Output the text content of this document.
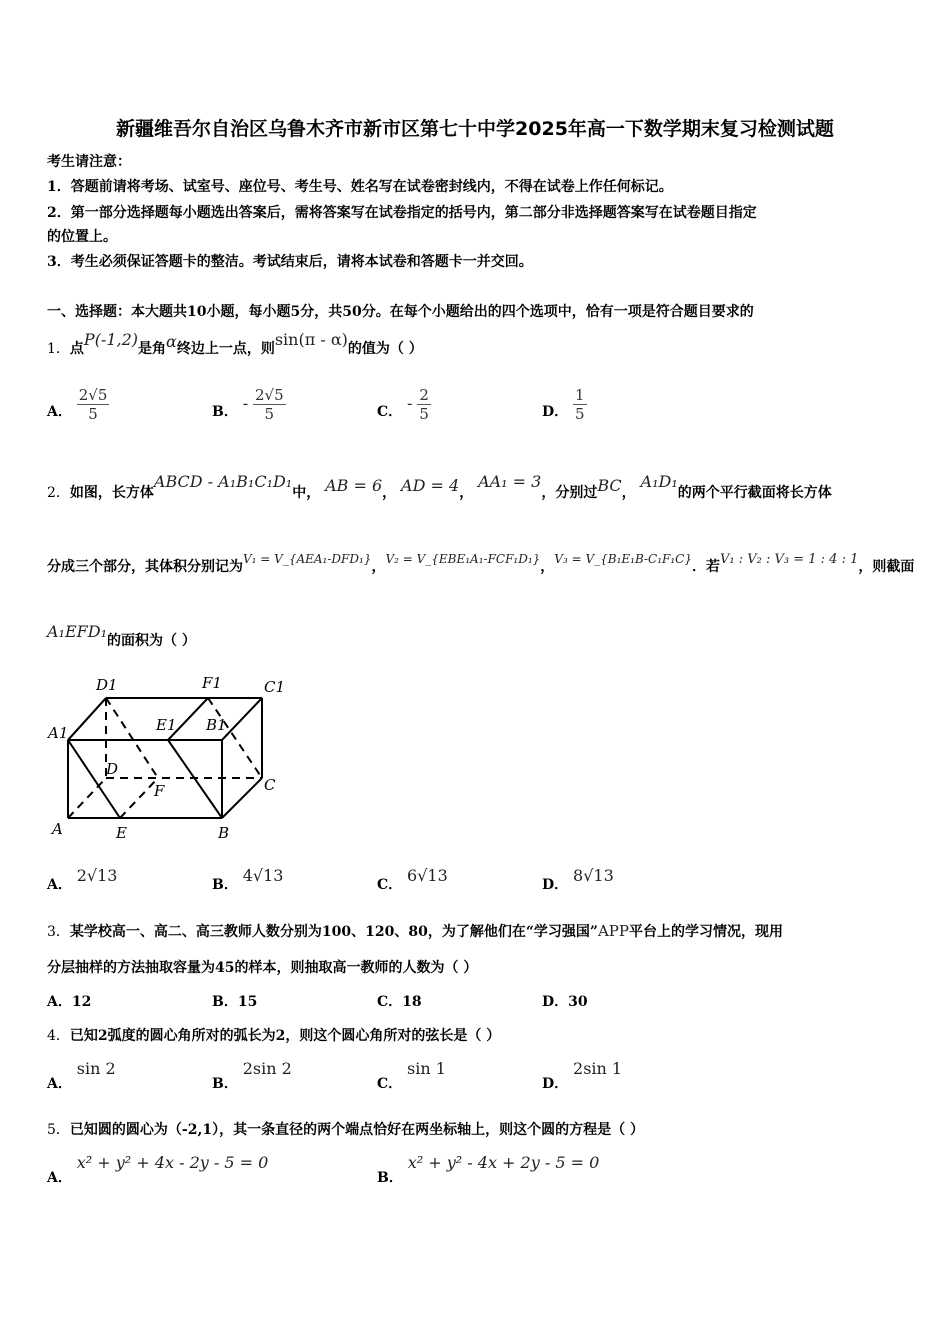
新疆维吾尔自治区乌鲁木齐市新市区第七十中学2025年高一下数学期末复习检测试题
考生请注意：
1．答题前请将考场、试室号、座位号、考生号、姓名写在试卷密封线内，不得在试卷上作任何标记。
2．第一部分选择题每小题选出答案后，需将答案写在试卷指定的括号内，第二部分非选择题答案写在试卷题目指定
的位置上。
3．考生必须保证答题卡的整洁。考试结束后，请将本试卷和答题卡一并交回。
一、选择题：本大题共10小题，每小题5分，共50分。在每个小题给出的四个选项中，恰有一项是符合题目要求的
1．点P(-1,2)是角α终边上一点，则sin(π - α)的值为（ ）
A． $\frac{2√5}{5}$	B． - $\frac{2√5}{5}$	C． - $\frac{2}{5}$	D． $\frac{1}{5}$
2．如图，长方体ABCD - A₁B₁C₁D₁中， AB = 6， AD = 4， AA₁ = 3，分别过BC， A₁D₁的两个平行截面将长方体
分成三个部分，其体积分别记为V₁ = V_{AEA₁-DFD₁}，V₂ = V_{EBE₁A₁-FCF₁D₁}，V₃ = V_{B₁E₁B-C₁F₁C}．若V₁ : V₂ : V₃ = 1 : 4 : 1，则截面
A₁EFD₁的面积为（ ）
D1	F1	C1
A1	E1 B1
D
F	C
A	E	B
A． 2√13	B． 4√13	C． 6√13	D． 8√13
3．某学校高一、高二、高三教师人数分别为100、120、80，为了解他们在“学习强国”APP平台上的学习情况，现用
分层抽样的方法抽取容量为45的样本，则抽取高一教师的人数为（ ）
A．12	B．15	C．18	D．30
4．已知2弧度的圆心角所对的弧长为2，则这个圆心角所对的弦长是（ ）
A． sin 2
B． 2sin 2
C． sin 1
D． 2sin 1
5．已知圆的圆心为（-2,1），其一条直径的两个端点恰好在两坐标轴上，则这个圆的方程是（ ）
A． x² + y² + 4x - 2y - 5 = 0
B． x² + y² - 4x + 2y - 5 = 0
